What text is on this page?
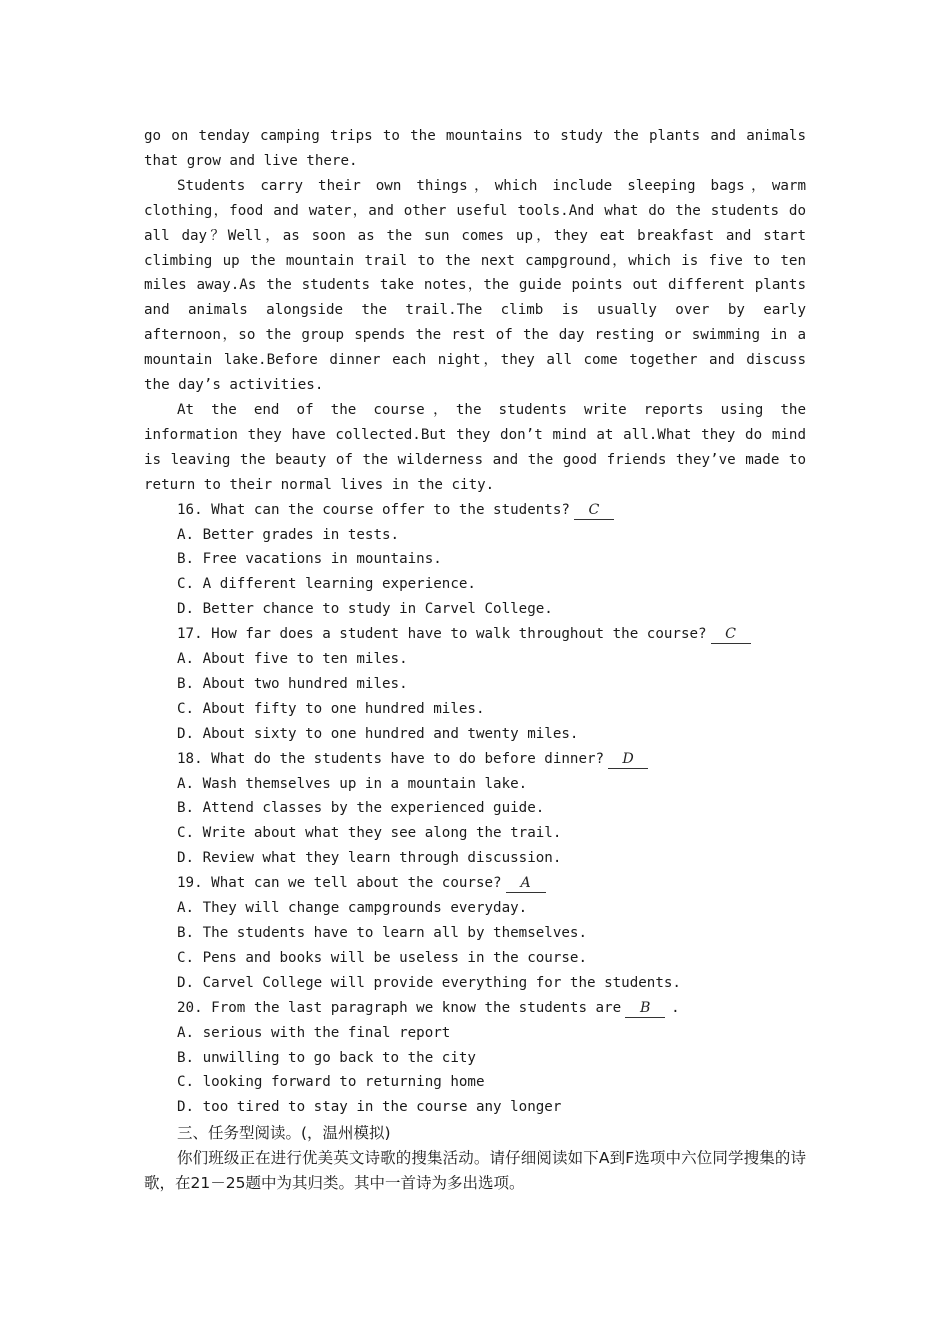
go on tenday camping trips to the mountains to study the plants and animals that grow and live there.

Students carry their own things，which include sleeping bags，warm clothing，food and water，and other useful tools.And what do the students do all day？Well，as soon as the sun comes up，they eat breakfast and start climbing up the mountain trail to the next campground，which is five to ten miles away.As the students take notes，the guide points out different plants and animals alongside the trail.The climb is usually over by early afternoon，so the group spends the rest of the day resting or swimming in a mountain lake.Before dinner each night，they all come together and discuss the day’s activities.

At the end of the course，the students write reports using the information they have collected.But they don’t mind at all.What they do mind is leaving the beauty of the wilderness and the good friends they’ve made to return to their normal lives in the city.

16. What can the course offer to the students? C

A. Better grades in tests.

B. Free vacations in mountains.

C. A different learning experience.

D. Better chance to study in Carvel College.

17. How far does a student have to walk throughout the course? C

A. About five to ten miles.

B. About two hundred miles.

C. About fifty to one hundred miles.

D. About sixty to one hundred and twenty miles.

18. What do the students have to do before dinner? D

A. Wash themselves up in a mountain lake.

B. Attend classes by the experienced guide.

C. Write about what they see along the trail.

D. Review what they learn through discussion.

19. What can we tell about the course? A

A. They will change campgrounds everyday.

B. The students have to learn all by themselves.

C. Pens and books will be useless in the course.

D. Carvel College will provide everything for the students.

20. From the last paragraph we know the students are B .

A. serious with the final report

B. unwilling to go back to the city

C. looking forward to returning home

D. too tired to stay in the course any longer

三、任务型阅读。(，温州模拟)

你们班级正在进行优美英文诗歌的搜集活动。请仔细阅读如下A到F选项中六位同学搜集的诗歌，在21－25题中为其归类。其中一首诗为多出选项。
